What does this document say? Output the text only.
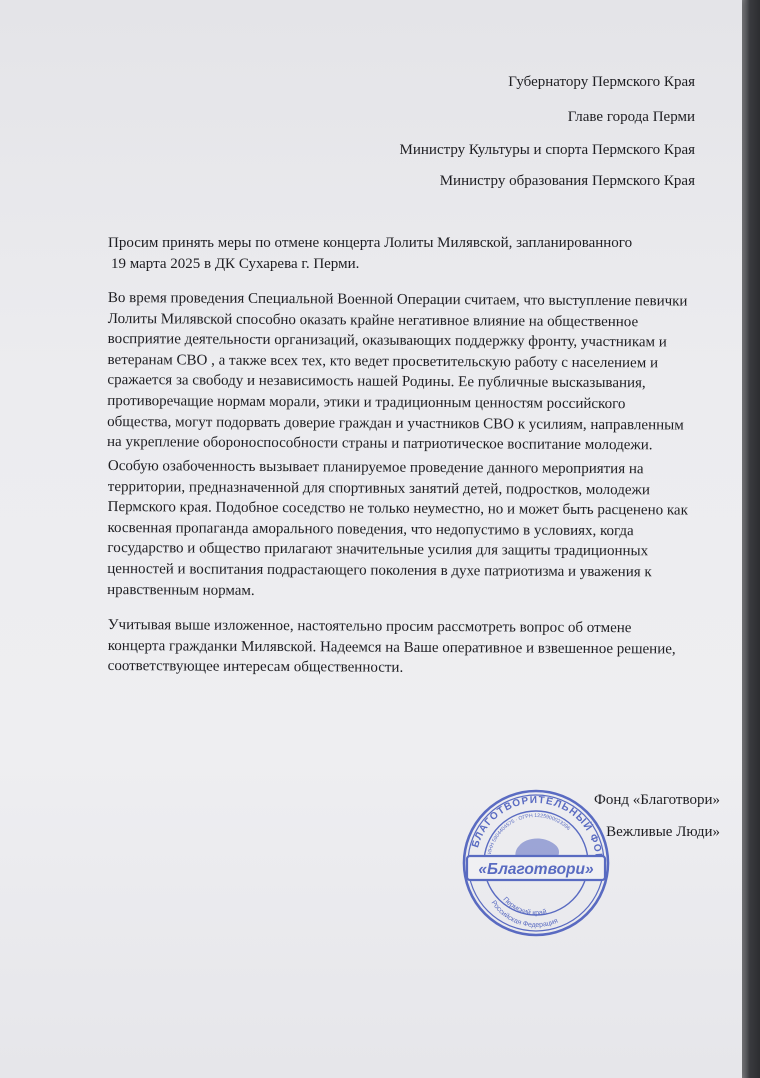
Губернатору Пермского Края
Главе города Перми
Министру Культуры и спорта Пермского Края
Министру образования Пермского Края
Просим принять меры по отмене концерта Лолиты Милявской, запланированного
19 марта 2025 в ДК Сухарева г. Перми.
Во время проведения Специальной Военной Операции считаем, что выступление певички
Лолиты Милявской способно оказать крайне негативное влияние на общественное
восприятие деятельности организаций, оказывающих поддержку фронту, участникам и
ветеранам СВО , а также всех тех, кто ведет просветительскую работу с населением и
сражается за свободу и независимость нашей Родины. Ее публичные высказывания,
противоречащие нормам морали, этики и традиционным ценностям российского
общества, могут подорвать доверие граждан и участников СВО к усилиям, направленным
на укрепление обороноспособности страны и патриотическое воспитание молодежи.
Особую озабоченность вызывает планируемое проведение данного мероприятия на
территории, предназначенной для спортивных занятий детей, подростков, молодежи
Пермского края. Подобное соседство не только неуместно, но и может быть расценено как
косвенная пропаганда аморального поведения, что недопустимо в условиях, когда
государство и общество прилагают значительные усилия для защиты традиционных
ценностей и воспитания подрастающего поколения в духе патриотизма и уважения к
нравственным нормам.
Учитывая выше изложенное, настоятельно просим рассмотреть вопрос об отмене
концерта гражданки Милявской. Надеемся на Ваше оперативное и взвешенное решение,
соответствующее интересам общественности.
Фонд «Благотвори»
Вежливые Люди»
БЛАГОТВОРИТЕЛЬНЫЙ ФО
ИНН 5904404575 · ОГРН 1225900023396
«Благотвори»
Пермский край
Российская Федерация
